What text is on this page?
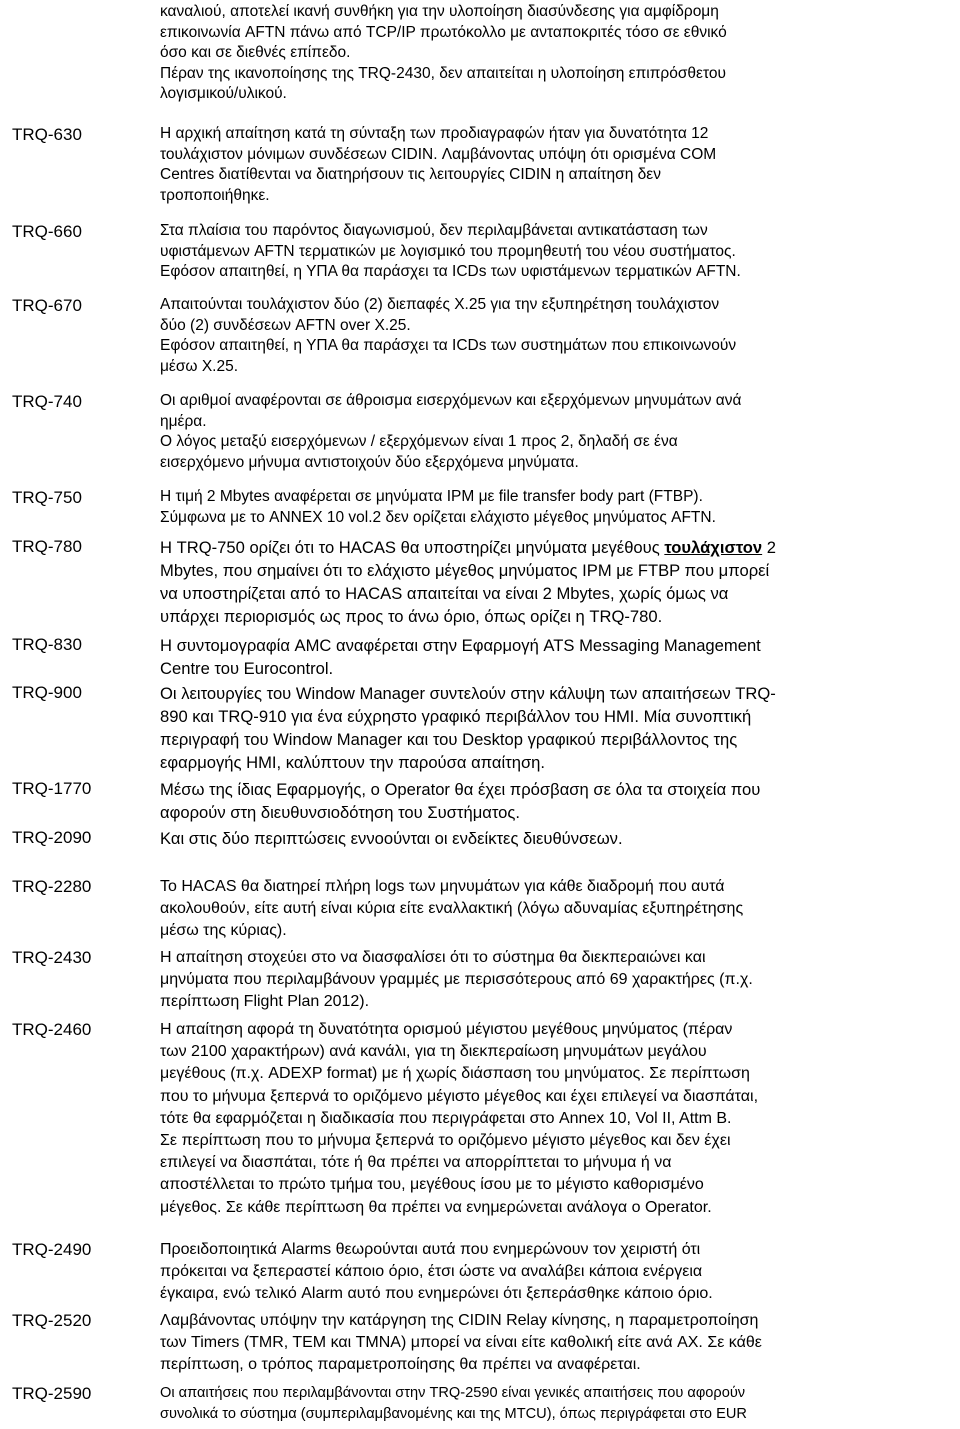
καναλιού, αποτελεί ικανή συνθήκη για την υλοποίηση διασύνδεσης για αμφίδρομη
επικοινωνία AFTN πάνω από TCP/IP πρωτόκολλο με ανταποκριτές τόσο σε εθνικό
όσο και σε διεθνές επίπεδο.
Πέραν της ικανοποίησης της TRQ-2430, δεν απαιτείται η υλοποίηση επιπρόσθετου
λογισμικού/υλικού.
TRQ-630	Η αρχική απαίτηση κατά τη σύνταξη των προδιαγραφών ήταν για δυνατότητα 12
τουλάχιστον μόνιμων συνδέσεων CIDIN. Λαμβάνοντας υπόψη ότι ορισμένα COM
Centres διατίθενται να διατηρήσουν τις λειτουργίες CIDIN η απαίτηση δεν
τροποποιήθηκε.
TRQ-660	Στα πλαίσια του παρόντος διαγωνισμού, δεν περιλαμβάνεται αντικατάσταση των
υφιστάμενων AFTN τερματικών με λογισμικό του προμηθευτή του νέου συστήματος.
Εφόσον απαιτηθεί, η ΥΠΑ θα παράσχει τα ICDs των υφιστάμενων τερματικών AFTN.
TRQ-670	Απαιτούνται τουλάχιστον δύο (2) διεπαφές X.25 για την εξυπηρέτηση τουλάχιστον
δύο (2) συνδέσεων AFTN over X.25.
Εφόσον απαιτηθεί, η ΥΠΑ θα παράσχει τα ICDs των συστημάτων που επικοινωνούν
μέσω X.25.
TRQ-740	Οι αριθμοί αναφέρονται σε άθροισμα εισερχόμενων και εξερχόμενων μηνυμάτων ανά
ημέρα.
Ο λόγος μεταξύ εισερχόμενων / εξερχόμενων είναι 1 προς 2, δηλαδή σε ένα
εισερχόμενο μήνυμα αντιστοιχούν δύο εξερχόμενα μηνύματα.
TRQ-750	Η τιμή 2 Mbytes αναφέρεται σε μηνύματα IPM με file transfer body part (FTBP).
Σύμφωνα με το ANNEX 10 vol.2 δεν ορίζεται ελάχιστο μέγεθος μηνύματος AFTN.
TRQ-780	Η TRQ-750 ορίζει ότι το HACAS θα υποστηρίζει μηνύματα μεγέθους τουλάχιστον 2
Mbytes, που σημαίνει ότι το ελάχιστο μέγεθος μηνύματος IPM με FTBP που μπορεί
να υποστηρίζεται από το HACAS απαιτείται να είναι 2 Mbytes, χωρίς όμως να
υπάρχει περιορισμός ως προς το άνω όριο, όπως ορίζει η TRQ-780.
TRQ-830	Η συντομογραφία AMC αναφέρεται στην Εφαρμογή ATS Messaging Management
Centre του Eurocontrol.
TRQ-900	Οι λειτουργίες του Window Manager συντελούν στην κάλυψη των απαιτήσεων TRQ-
890 και TRQ-910 για ένα εύχρηστο γραφικό περιβάλλον του HMI. Μία συνοπτική
περιγραφή του Window Manager και του Desktop γραφικού περιβάλλοντος της
εφαρμογής HMI, καλύπτουν την παρούσα απαίτηση.
TRQ-1770	Μέσω της ίδιας Εφαρμογής, ο Operator θα έχει πρόσβαση σε όλα τα στοιχεία που
αφορούν στη διευθυνσιοδότηση του Συστήματος.
TRQ-2090	Και στις δύο περιπτώσεις εννοούνται οι ενδείκτες διευθύνσεων.
TRQ-2280	Το HACAS θα διατηρεί πλήρη logs των μηνυμάτων για κάθε διαδρομή που αυτά
ακολουθούν, είτε αυτή είναι κύρια είτε εναλλακτική (λόγω αδυναμίας εξυπηρέτησης
μέσω της κύριας).
TRQ-2430	Η απαίτηση στοχεύει στο να διασφαλίσει ότι το σύστημα θα διεκπεραιώνει και
μηνύματα που περιλαμβάνουν γραμμές με περισσότερους από 69 χαρακτήρες (π.χ.
περίπτωση Flight Plan 2012).
TRQ-2460	Η απαίτηση αφορά τη δυνατότητα ορισμού μέγιστου μεγέθους μηνύματος (πέραν
των 2100 χαρακτήρων) ανά κανάλι, για τη διεκπεραίωση μηνυμάτων μεγάλου
μεγέθους (π.χ. ADEXP format) με ή χωρίς διάσπαση του μηνύματος. Σε περίπτωση
που το μήνυμα ξεπερνά το οριζόμενο μέγιστο μέγεθος και έχει επιλεγεί να διασπάται,
τότε θα εφαρμόζεται η διαδικασία που περιγράφεται στο Annex 10, Vol II, Attm B.
Σε περίπτωση που το μήνυμα ξεπερνά το οριζόμενο μέγιστο μέγεθος και δεν έχει
επιλεγεί να διασπάται, τότε ή θα πρέπει να απορρίπτεται το μήνυμα ή να
αποστέλλεται το πρώτο τμήμα του, μεγέθους ίσου με το μέγιστο καθορισμένο
μέγεθος. Σε κάθε περίπτωση θα πρέπει να ενημερώνεται ανάλογα ο Operator.
TRQ-2490	Προειδοποιητικά Alarms θεωρούνται αυτά που ενημερώνουν τον χειριστή ότι
πρόκειται να ξεπεραστεί κάποιο όριο, έτσι ώστε να αναλάβει κάποια ενέργεια
έγκαιρα, ενώ τελικό Alarm αυτό που ενημερώνει ότι ξεπεράσθηκε κάποιο όριο.
TRQ-2520	Λαμβάνοντας υπόψην την κατάργηση της CIDIN Relay κίνησης, η παραμετροποίηση
των Timers (TMR, TEM και TMNA) μπορεί να είναι είτε καθολική είτε ανά AX. Σε κάθε
περίπτωση, ο τρόπος παραμετροποίησης θα πρέπει να αναφέρεται.
TRQ-2590	Οι απαιτήσεις που περιλαμβάνονται στην TRQ-2590 είναι γενικές απαιτήσεις που αφορούν
συνολικά το σύστημα (συμπεριλαμβανομένης και της MTCU), όπως περιγράφεται στο EUR
